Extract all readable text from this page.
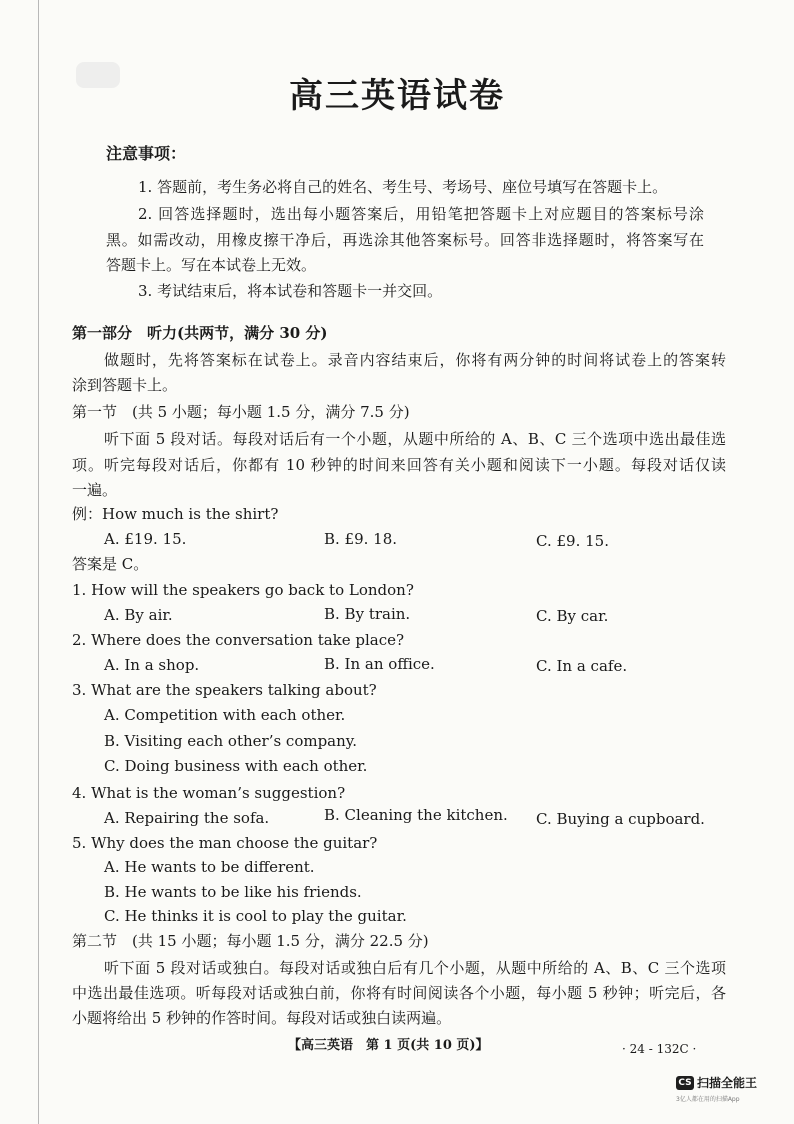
高三英语试卷
注意事项：
1. 答题前，考生务必将自己的姓名、考生号、考场号、座位号填写在答题卡上。
2. 回答选择题时，选出每小题答案后，用铅笔把答题卡上对应题目的答案标号涂
黑。如需改动，用橡皮擦干净后，再选涂其他答案标号。回答非选择题时，将答案写在
答题卡上。写在本试卷上无效。
3. 考试结束后，将本试卷和答题卡一并交回。
第一部分　听力(共两节，满分 30 分)
做题时，先将答案标在试卷上。录音内容结束后，你将有两分钟的时间将试卷上的答案转
涂到答题卡上。
第一节　(共 5 小题；每小题 1.5 分，满分 7.5 分)
听下面 5 段对话。每段对话后有一个小题，从题中所给的 A、B、C 三个选项中选出最佳选
项。听完每段对话后，你都有 10 秒钟的时间来回答有关小题和阅读下一小题。每段对话仅读
一遍。
例：How much is the shirt?
A. £19. 15.	B. £9. 18.	C. £9. 15.
答案是 C。
1. How will the speakers go back to London?
A. By air.	B. By train.	C. By car.
2. Where does the conversation take place?
A. In a shop.	B. In an office.	C. In a cafe.
3. What are the speakers talking about?
A. Competition with each other.
B. Visiting each other’s company.
C. Doing business with each other.
4. What is the woman’s suggestion?
A. Repairing the sofa.	B. Cleaning the kitchen. C. Buying a cupboard.
5. Why does the man choose the guitar?
A. He wants to be different.
B. He wants to be like his friends.
C. He thinks it is cool to play the guitar.
第二节　(共 15 小题；每小题 1.5 分，满分 22.5 分)
听下面 5 段对话或独白。每段对话或独白后有几个小题，从题中所给的 A、B、C 三个选项
中选出最佳选项。听每段对话或独白前，你将有时间阅读各个小题，每小题 5 秒钟；听完后，各
小题将给出 5 秒钟的作答时间。每段对话或独白读两遍。
【高三英语　第 1 页(共 10 页)】	· 24 - 132C ·
CS 扫描全能王
3亿人都在用的扫描App
